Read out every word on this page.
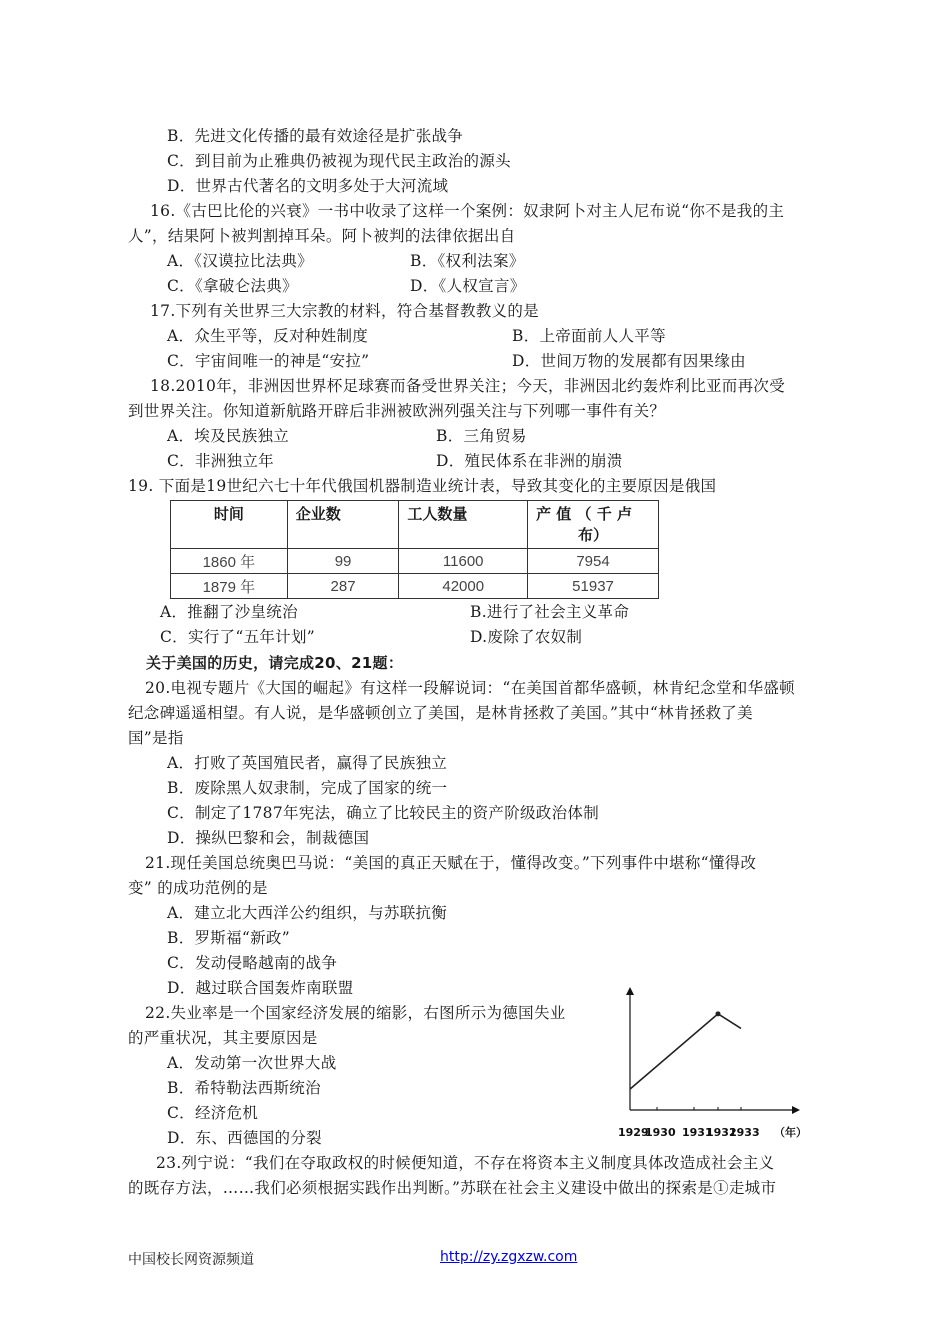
B．先进文化传播的最有效途径是扩张战争
C．到目前为止雅典仍被视为现代民主政治的源头
D．世界古代著名的文明多处于大河流域
16.《古巴比伦的兴衰》一书中收录了这样一个案例：奴隶阿卜对主人尼布说“你不是我的主
人”，结果阿卜被判割掉耳朵。阿卜被判的法律依据出自
A．《汉谟拉比法典》	B．《权利法案》
C．《拿破仑法典》	D．《人权宣言》
17.下列有关世界三大宗教的材料，符合基督教教义的是
A．众生平等，反对种姓制度	B．上帝面前人人平等
C．宇宙间唯一的神是“安拉”	D．世间万物的发展都有因果缘由
18.2010年，非洲因世界杯足球赛而备受世界关注；今天，非洲因北约轰炸利比亚而再次受
到世界关注。你知道新航路开辟后非洲被欧洲列强关注与下列哪一事件有关？
A．埃及民族独立	B．三角贸易
C．非洲独立年	D．殖民体系在非洲的崩溃
19. 下面是19世纪六七十年代俄国机器制造业统计表，导致其变化的主要原因是俄国
时间	企业数	工人数量	产 值 （ 千 卢
布）

1860 年	99	11600	7954
1879 年	287	42000	51937
A．推翻了沙皇统治	B.进行了社会主义革命
C．实行了“五年计划”	D.废除了农奴制
关于美国的历史，请完成20、21题：
20.电视专题片《大国的崛起》有这样一段解说词：“在美国首都华盛顿，林肯纪念堂和华盛顿
纪念碑遥遥相望。有人说，是华盛顿创立了美国，是林肯拯救了美国。”其中“林肯拯救了美
国”是指
A．打败了英国殖民者，赢得了民族独立
B．废除黑人奴隶制，完成了国家的统一
C．制定了1787年宪法，确立了比较民主的资产阶级政治体制
D．操纵巴黎和会，制裁德国
21.现任美国总统奥巴马说：“美国的真正天赋在于，懂得改变。”下列事件中堪称“懂得改
变” 的成功范例的是
A．建立北大西洋公约组织，与苏联抗衡
B．罗斯福“新政”
C．发动侵略越南的战争
D．越过联合国轰炸南联盟
22.失业率是一个国家经济发展的缩影，右图所示为德国失业
的严重状况，其主要原因是
A．发动第一次世界大战
B．希特勒法西斯统治
C．经济危机
D．东、西德国的分裂
23.列宁说：“我们在夺取政权的时候便知道，不存在将资本主义制度具体改造成社会主义
的既存方法，……我们必须根据实践作出判断。”苏联在社会主义建设中做出的探索是①走城市
1929
1930 1931
1932
1933 （年）
中国校长网资源频道	http://zy.zgxzw.com
